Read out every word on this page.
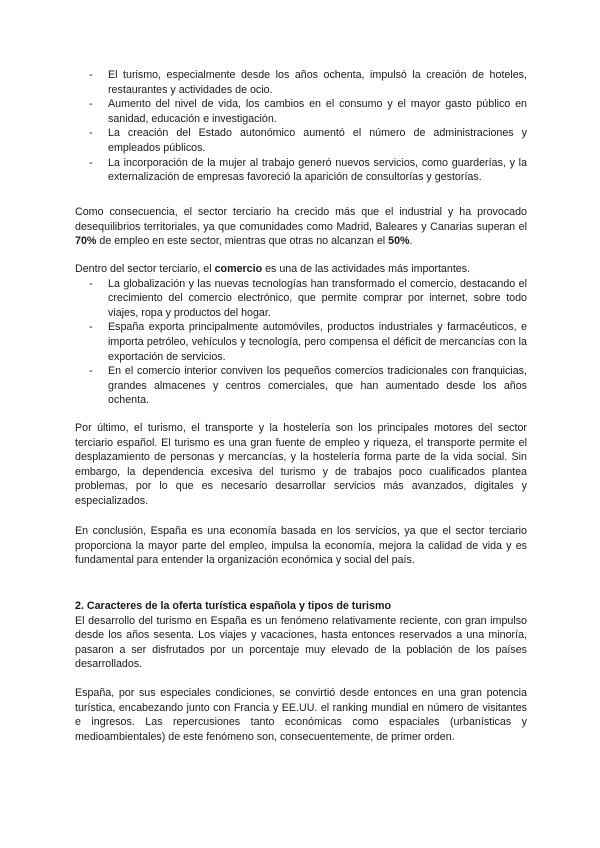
- El turismo, especialmente desde los años ochenta, impulsó la creación de hoteles, restaurantes y actividades de ocio.
- Aumento del nivel de vida, los cambios en el consumo y el mayor gasto público en sanidad, educación e investigación.
- La creación del Estado autonómico aumentó el número de administraciones y empleados públicos.
- La incorporación de la mujer al trabajo generó nuevos servicios, como guarderías, y la externalización de empresas favoreció la aparición de consultorías y gestorías.

Como consecuencia, el sector terciario ha crecido más que el industrial y ha provocado desequilibrios territoriales, ya que comunidades como Madrid, Baleares y Canarias superan el 70% de empleo en este sector, mientras que otras no alcanzan el 50%.

Dentro del sector terciario, el comercio es una de las actividades más importantes.

- La globalización y las nuevas tecnologías han transformado el comercio, destacando el crecimiento del comercio electrónico, que permite comprar por internet, sobre todo viajes, ropa y productos del hogar.
- España exporta principalmente automóviles, productos industriales y farmacéuticos, e importa petróleo, vehículos y tecnología, pero compensa el déficit de mercancías con la exportación de servicios.
- En el comercio interior conviven los pequeños comercios tradicionales con franquicias, grandes almacenes y centros comerciales, que han aumentado desde los años ochenta.

Por último, el turismo, el transporte y la hostelería son los principales motores del sector terciario español. El turismo es una gran fuente de empleo y riqueza, el transporte permite el desplazamiento de personas y mercancías, y la hostelería forma parte de la vida social. Sin embargo, la dependencia excesiva del turismo y de trabajos poco cualificados plantea problemas, por lo que es necesario desarrollar servicios más avanzados, digitales y especializados.

En conclusión, España es una economía basada en los servicios, ya que el sector terciario proporciona la mayor parte del empleo, impulsa la economía, mejora la calidad de vida y es fundamental para entender la organización económica y social del país.

2. Caracteres de la oferta turística española y tipos de turismo

El desarrollo del turismo en España es un fenómeno relativamente reciente, con gran impulso desde los años sesenta. Los viajes y vacaciones, hasta entonces reservados a una minoría, pasaron a ser disfrutados por un porcentaje muy elevado de la población de los países desarrollados.

España, por sus especiales condiciones, se convirtió desde entonces en una gran potencia turística, encabezando junto con Francia y EE.UU. el ranking mundial en número de visitantes e ingresos. Las repercusiones tanto económicas como espaciales (urbanísticas y medioambientales) de este fenómeno son, consecuentemente, de primer orden.
